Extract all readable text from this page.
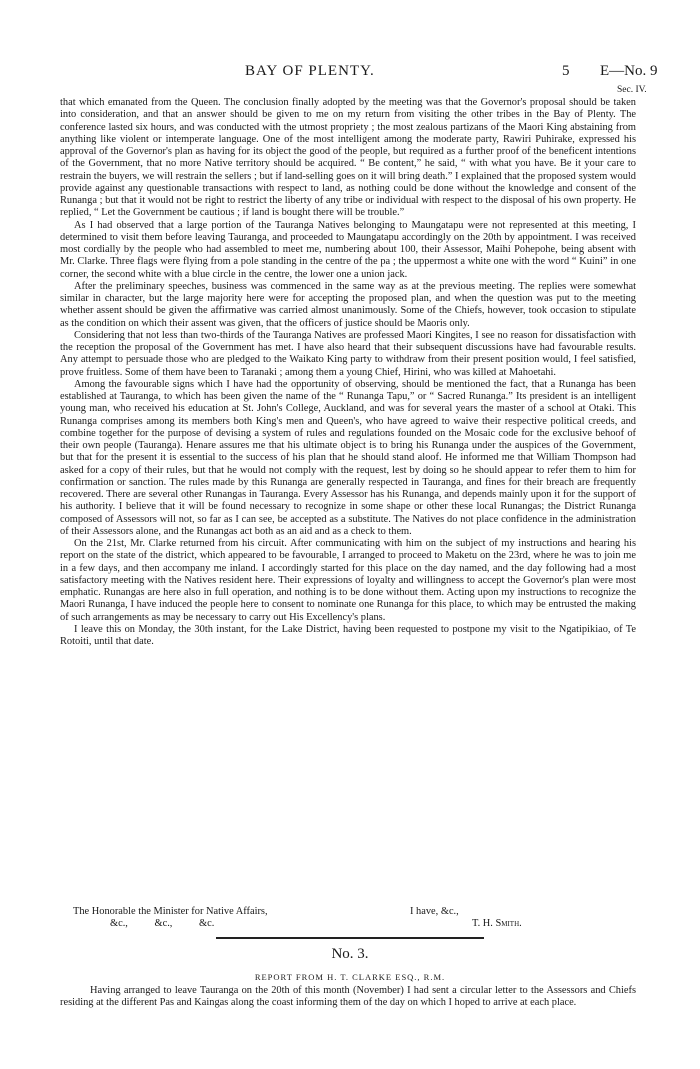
BAY OF PLENTY.	5 E—No. 9
Sec. IV.

that which emanated from the Queen. The conclusion finally adopted by the meeting was that the Governor's proposal should be taken into consideration, and that an answer should be given to me on my return from visiting the other tribes in the Bay of Plenty. The conference lasted six hours, and was conducted with the utmost propriety ; the most zealous partizans of the Maori King abstaining from anything like violent or intemperate language. One of the most intelligent among the moderate party, Rawiri Puhirake, expressed his approval of the Governor's plan as having for its object the good of the people, but required as a further proof of the beneficent intentions of the Government, that no more Native territory should be acquired. “ Be content,” he said, “ with what you have. Be it your care to restrain the buyers, we will restrain the sellers ; but if land-selling goes on it will bring death.” I explained that the proposed system would provide against any questionable transactions with respect to land, as nothing could be done without the knowledge and consent of the Runanga ; but that it would not be right to restrict the liberty of any tribe or individual with respect to the disposal of his own property. He replied, “ Let the Government be cautious ; if land is bought there will be trouble.”

As I had observed that a large portion of the Tauranga Natives belonging to Maungatapu were not represented at this meeting, I determined to visit them before leaving Tauranga, and proceeded to Maungatapu accordingly on the 20th by appointment. I was received most cordially by the people who had assembled to meet me, numbering about 100, their Assessor, Maihi Pohepohe, being absent with Mr. Clarke. Three flags were flying from a pole standing in the centre of the pa ; the uppermost a white one with the word “ Kuini” in one corner, the second white with a blue circle in the centre, the lower one a union jack.

After the preliminary speeches, business was commenced in the same way as at the previous meeting. The replies were somewhat similar in character, but the large majority here were for accepting the proposed plan, and when the question was put to the meeting whether assent should be given the affirmative was carried almost unanimously. Some of the Chiefs, however, took occasion to stipulate as the condition on which their assent was given, that the officers of justice should be Maoris only.

Considering that not less than two-thirds of the Tauranga Natives are professed Maori Kingites, I see no reason for dissatisfaction with the reception the proposal of the Government has met. I have also heard that their subsequent discussions have had favourable results. Any attempt to persuade those who are pledged to the Waikato King party to withdraw from their present position would, I feel satisfied, prove fruitless. Some of them have been to Taranaki ; among them a young Chief, Hirini, who was killed at Mahoetahi.

Among the favourable signs which I have had the opportunity of observing, should be mentioned the fact, that a Runanga has been established at Tauranga, to which has been given the name of the “ Runanga Tapu,” or “ Sacred Runanga.” Its president is an intelligent young man, who received his education at St. John's College, Auckland, and was for several years the master of a school at Otaki. This Runanga comprises among its members both King's men and Queen's, who have agreed to waive their respective political creeds, and combine together for the purpose of devising a system of rules and regulations founded on the Mosaic code for the exclusive behoof of their own people (Tauranga). Henare assures me that his ultimate object is to bring his Runanga under the auspices of the Government, but that for the present it is essential to the success of his plan that he should stand aloof. He informed me that William Thompson had asked for a copy of their rules, but that he would not comply with the request, lest by doing so he should appear to refer them to him for confirmation or sanction. The rules made by this Runanga are generally respected in Tauranga, and fines for their breach are frequently recovered. There are several other Runangas in Tauranga. Every Assessor has his Runanga, and depends mainly upon it for the support of his authority. I believe that it will be found necessary to recognize in some shape or other these local Runangas; the District Runanga composed of Assessors will not, so far as I can see, be accepted as a substitute. The Natives do not place confidence in the administration of their Assessors alone, and the Runangas act both as an aid and as a check to them.

On the 21st, Mr. Clarke returned from his circuit. After communicating with him on the subject of my instructions and hearing his report on the state of the district, which appeared to be favourable, I arranged to proceed to Maketu on the 23rd, where he was to join me in a few days, and then accompany me inland. I accordingly started for this place on the day named, and the day following had a most satisfactory meeting with the Natives resident here. Their expressions of loyalty and willingness to accept the Governor's plan were most emphatic. Runangas are here also in full operation, and nothing is to be done without them. Acting upon my instructions to recognize the Maori Runanga, I have induced the people here to consent to nominate one Runanga for this place, to which may be entrusted the making of such arrangements as may be necessary to carry out His Excellency's plans.

I leave this on Monday, the 30th instant, for the Lake District, having been requested to postpone my visit to the Ngatipikiao, of Te Rotoiti, until that date.

The Honorable the Minister for Native Affairs,
&c.,	&c.,	&c.
I have, &c.,
T. H. Smith.
No. 3.
REPORT FROM H. T. CLARKE ESQ., R.M.
Having arranged to leave Tauranga on the 20th of this month (November) I had sent a circular letter to the Assessors and Chiefs residing at the different Pas and Kaingas along the coast informing them of the day on which I hoped to arrive at each place.
